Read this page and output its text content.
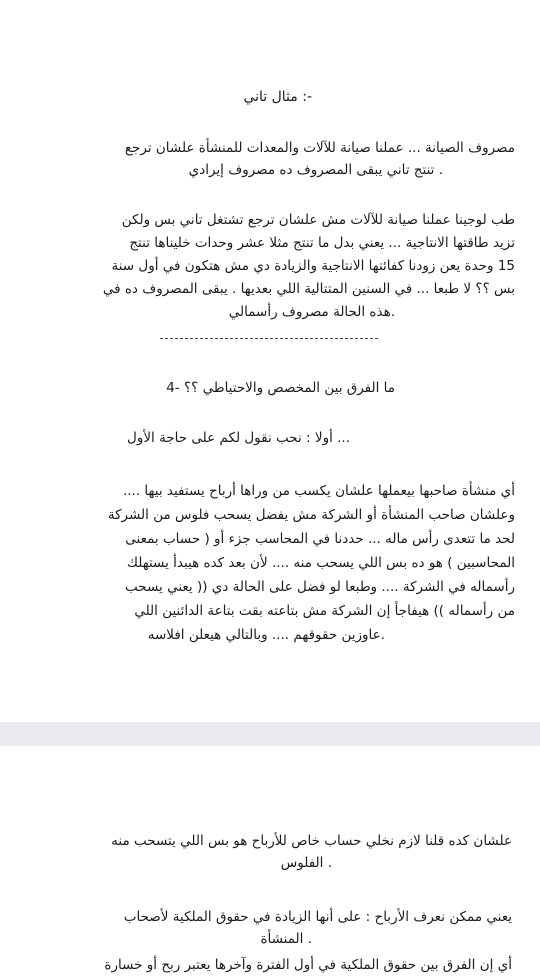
-: مثال تاني
مصروف الصيانة ... عملنا صيانة للآلات والمعدات للمنشأة علشان ترجع
. تنتج تاني يبقى المصروف ده مصروف إيرادي
طب لوجينا عملنا صيانة للآلات مش علشان ترجع تشتغل تاني بس ولكن
تزيد طاقتها الانتاجية ... يعني بدل ما تنتج مثلا عشر وحدات خليناها تنتج
15 وحدة يعن زودنا كفائتها الانتاجية والزيادة دي مش هتكون في أول سنة
بس ؟؟ لا طبعا ... في السنين المتتالية اللي بعديها . يبقى المصروف ده في
.هذه الحالة مصروف رأسمالي
ما الفرق بين المخصص والاحتياطي ؟؟ -4
... أولا : نحب نقول لكم على حاجة الأول
أي منشأة صاحبها بيعملها علشان يكسب من وراها أرباح يستفيد بيها ....
وعلشان صاحب المنشأة أو الشركة مش يفضل يسحب فلوس من الشركة
لحد ما تتعدى رأس ماله ... حددنا في المحاسب جزء أو ( حساب بمعنى
المحاسبين ) هو ده بس اللي يسحب منه .... لأن بعد كده هيبدأ يستهلك
رأسماله في الشركة .... وطبعا لو فضل على الحالة دي (( يعني يسحب
من رأسماله )) هيفاجأ إن الشركة مش بتاعته بقت بتاعة الدائنين اللي
.عاوزين حقوقهم .... وبالتالي هيعلن افلاسه
علشان كده قلنا لازم نخلي حساب خاص للأرباح هو بس اللي يتسحب منه
. الفلوس
يعني ممكن نعرف الأرباح : على أنها الزيادة في حقوق الملكية لأصحاب
. المنشأة
أي إن الفرق بين حقوق الملكية في أول الفترة وآخرها يعتبر ربح أو خسارة
